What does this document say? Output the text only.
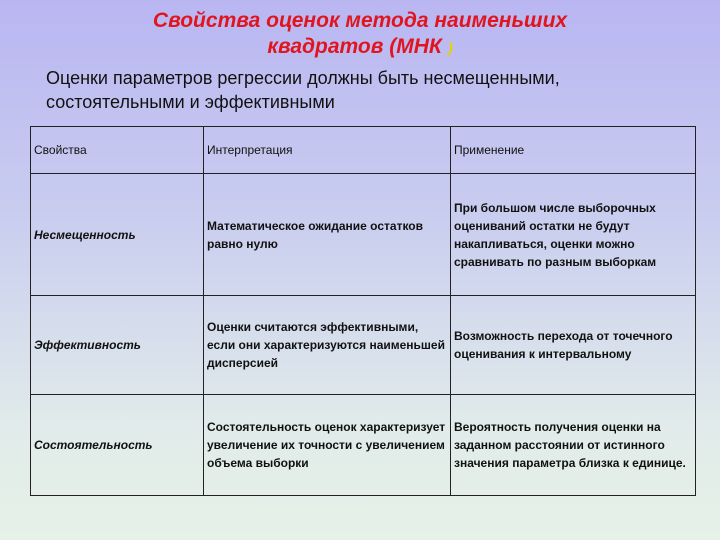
Свойства оценок метода наименьших
квадратов (МНК )
Оценки параметров регрессии должны быть несмещенными, состоятельными и эффективными
Свойства	Интерпретация	Применение
Несмещенность	Математическое ожидание остатков равно нулю	При большом числе выборочных оцениваний остатки не будут накапливаться, оценки можно сравнивать по разным выборкам
Эффективность	Оценки считаются эффективными, если они характеризуются наименьшей дисперсией	Возможность перехода от точечного оценивания к интервальному
Состоятельность	Состоятельность оценок характеризует увеличение их точности с увеличением объема выборки	Вероятность получения оценки на заданном расстоянии от истинного значения параметра близка к единице.
